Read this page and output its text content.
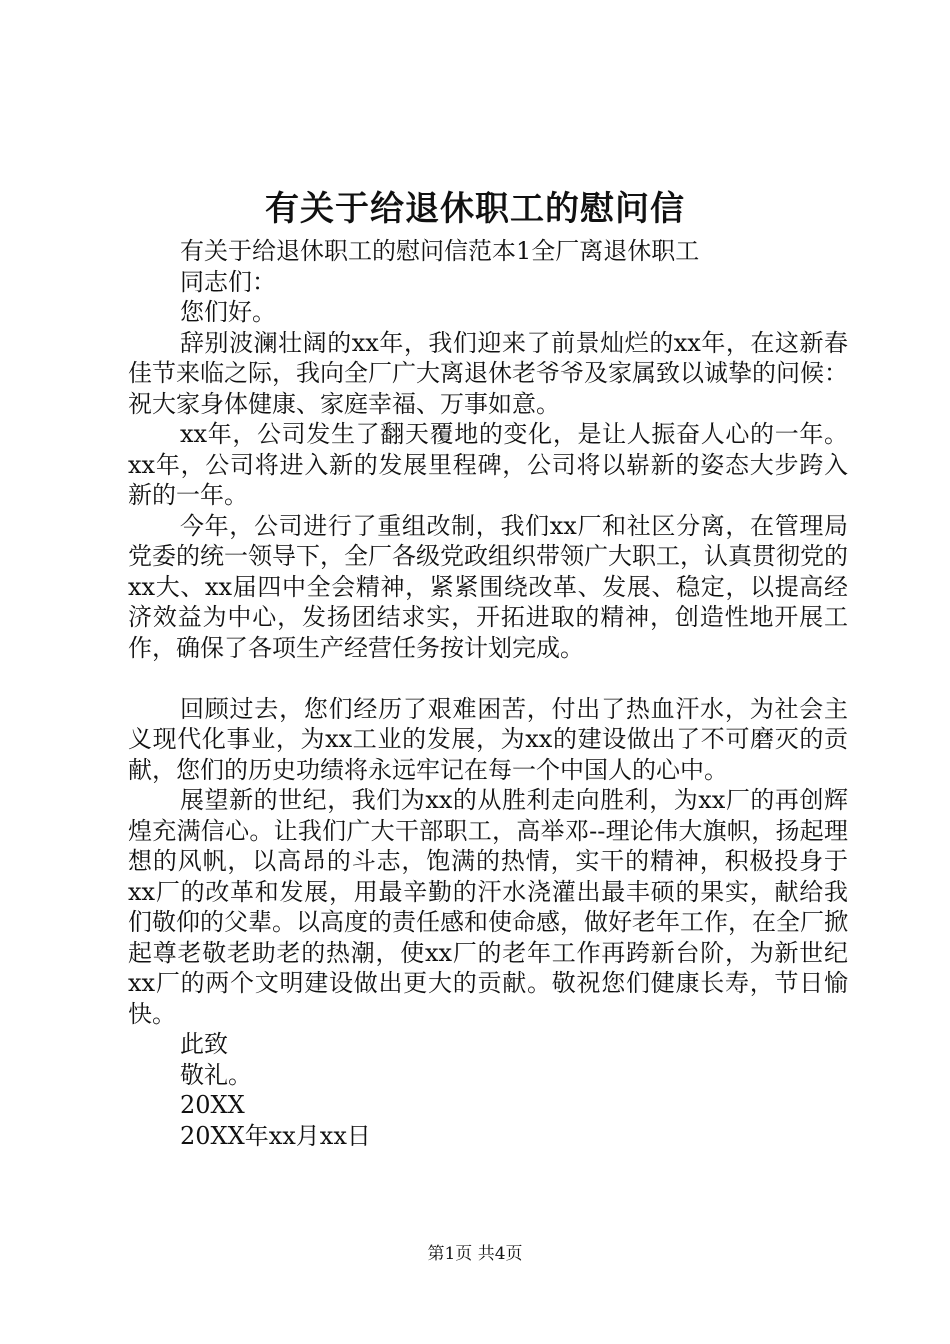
有关于给退休职工的慰问信

有关于给退休职工的慰问信范本1全厂离退休职工

同志们：

您们好。

辞别波澜壮阔的xx年，我们迎来了前景灿烂的xx年，在这新春佳节来临之际，我向全厂广大离退休老爷爷及家属致以诚挚的问候：祝大家身体健康、家庭幸福、万事如意。

xx年，公司发生了翻天覆地的变化，是让人振奋人心的一年。xx年，公司将进入新的发展里程碑，公司将以崭新的姿态大步跨入新的一年。

今年，公司进行了重组改制，我们xx厂和社区分离，在管理局党委的统一领导下，全厂各级党政组织带领广大职工，认真贯彻党的xx大、xx届四中全会精神，紧紧围绕改革、发展、稳定，以提高经济效益为中心，发扬团结求实，开拓进取的精神，创造性地开展工作，确保了各项生产经营任务按计划完成。

回顾过去，您们经历了艰难困苦，付出了热血汗水，为社会主义现代化事业，为xx工业的发展，为xx的建设做出了不可磨灭的贡献，您们的历史功绩将永远牢记在每一个中国人的心中。

展望新的世纪，我们为xx的从胜利走向胜利，为xx厂的再创辉煌充满信心。让我们广大干部职工，高举邓--理论伟大旗帜，扬起理想的风帆，以高昂的斗志，饱满的热情，实干的精神，积极投身于xx厂的改革和发展，用最辛勤的汗水浇灌出最丰硕的果实，献给我们敬仰的父辈。以高度的责任感和使命感，做好老年工作，在全厂掀起尊老敬老助老的热潮，使xx厂的老年工作再跨新台阶，为新世纪xx厂的两个文明建设做出更大的贡献。敬祝您们健康长寿，节日愉快。

此致

敬礼。

20XX

20XX年xx月xx日

第1页 共4页
